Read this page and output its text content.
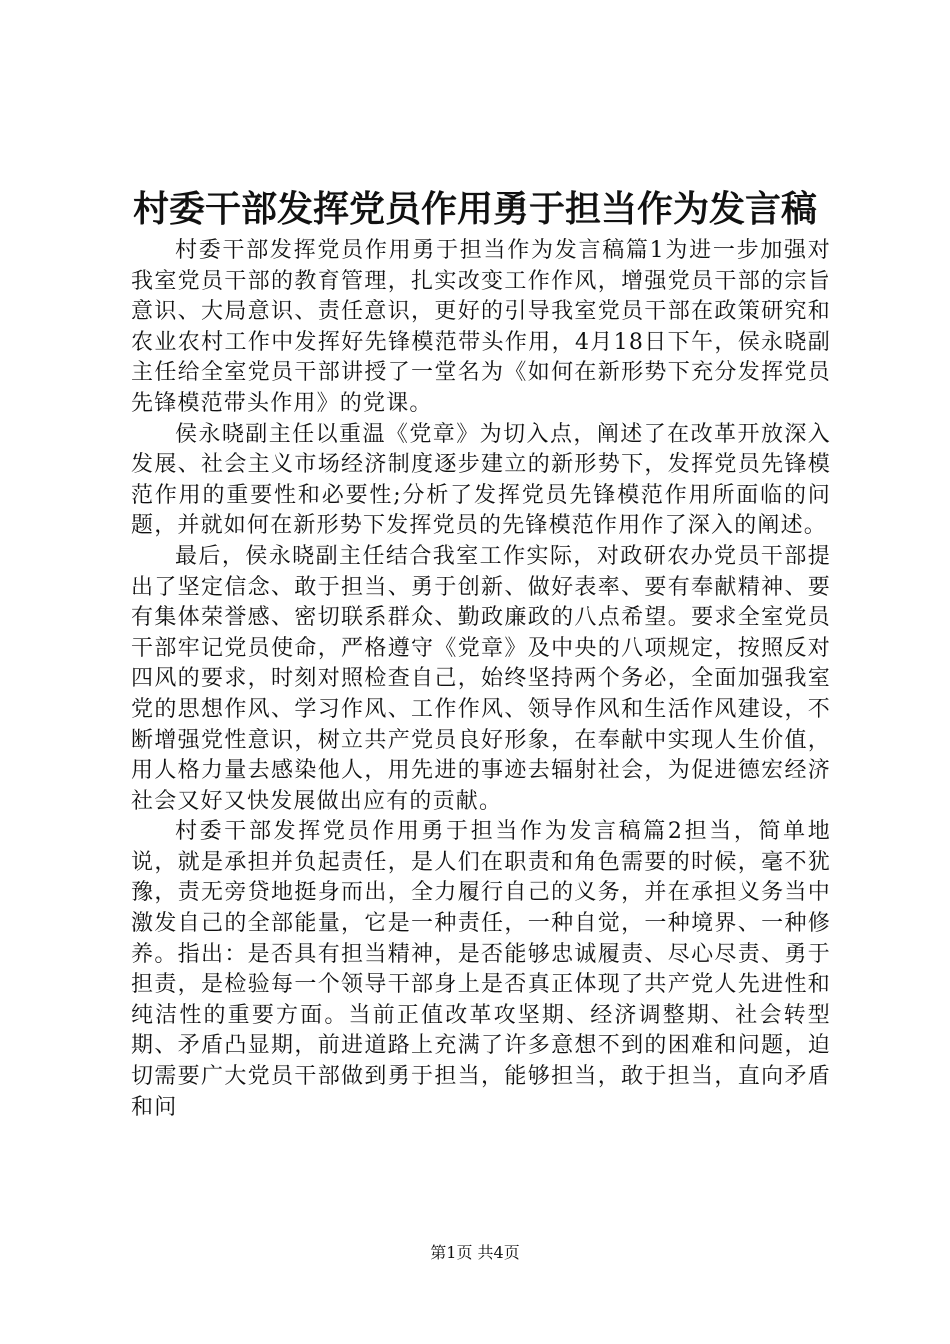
村委干部发挥党员作用勇于担当作为发言稿

村委干部发挥党员作用勇于担当作为发言稿篇1为进一步加强对我室党员干部的教育管理，扎实改变工作作风，增强党员干部的宗旨意识、大局意识、责任意识，更好的引导我室党员干部在政策研究和农业农村工作中发挥好先锋模范带头作用，4月18日下午，侯永晓副主任给全室党员干部讲授了一堂名为《如何在新形势下充分发挥党员先锋模范带头作用》的党课。

侯永晓副主任以重温《党章》为切入点，阐述了在改革开放深入发展、社会主义市场经济制度逐步建立的新形势下，发挥党员先锋模范作用的重要性和必要性;分析了发挥党员先锋模范作用所面临的问题，并就如何在新形势下发挥党员的先锋模范作用作了深入的阐述。

最后，侯永晓副主任结合我室工作实际，对政研农办党员干部提出了坚定信念、敢于担当、勇于创新、做好表率、要有奉献精神、要有集体荣誉感、密切联系群众、勤政廉政的八点希望。要求全室党员干部牢记党员使命，严格遵守《党章》及中央的八项规定，按照反对四风的要求，时刻对照检查自己，始终坚持两个务必，全面加强我室党的思想作风、学习作风、工作作风、领导作风和生活作风建设，不断增强党性意识，树立共产党员良好形象，在奉献中实现人生价值，用人格力量去感染他人，用先进的事迹去辐射社会，为促进德宏经济社会又好又快发展做出应有的贡献。

村委干部发挥党员作用勇于担当作为发言稿篇2担当，简单地说，就是承担并负起责任，是人们在职责和角色需要的时候，毫不犹豫，责无旁贷地挺身而出，全力履行自己的义务，并在承担义务当中激发自己的全部能量，它是一种责任，一种自觉，一种境界、一种修养。指出：是否具有担当精神，是否能够忠诚履责、尽心尽责、勇于担责，是检验每一个领导干部身上是否真正体现了共产党人先进性和纯洁性的重要方面。当前正值改革攻坚期、经济调整期、社会转型期、矛盾凸显期，前进道路上充满了许多意想不到的困难和问题，迫切需要广大党员干部做到勇于担当，能够担当，敢于担当，直向矛盾和问

第1页 共4页
